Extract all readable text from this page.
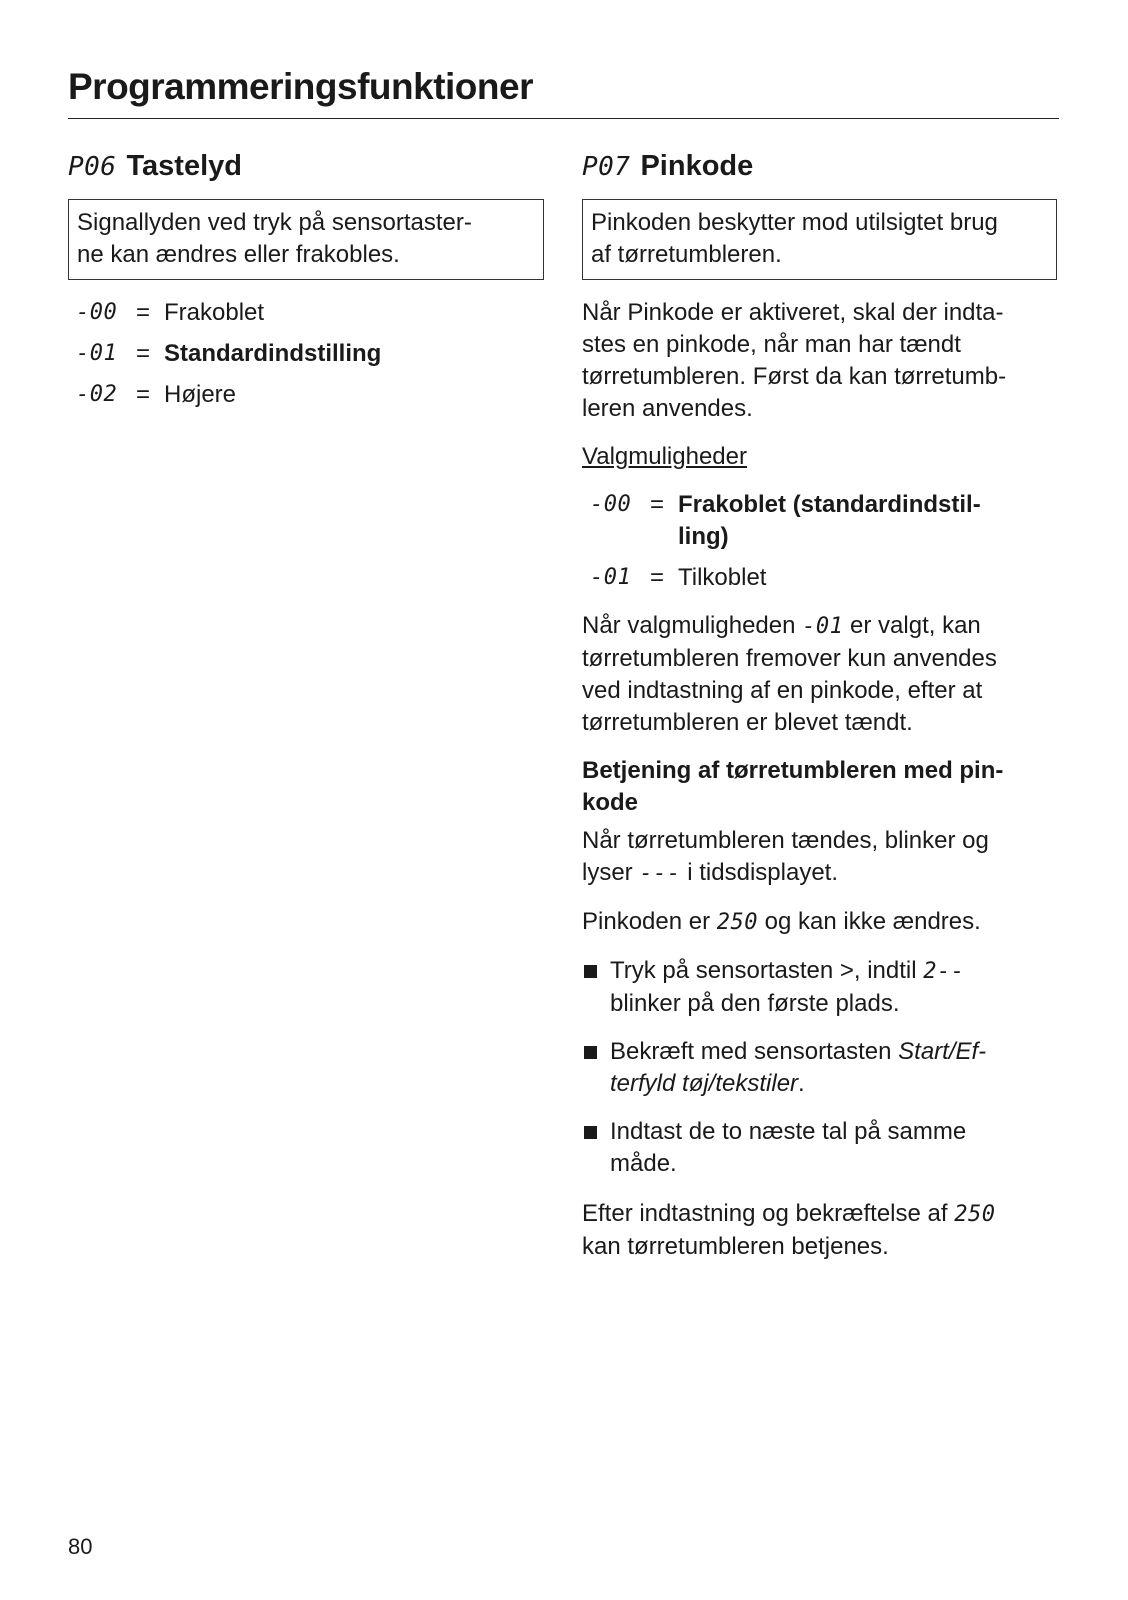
Programmeringsfunktioner
P06 Tastelyd
Signallyden ved tryk på sensortaster-
ne kan ændres eller frakobles.
-00 = Frakoblet
-01 = Standardindstilling
-02 = Højere
P07 Pinkode
Pinkoden beskytter mod utilsigtet brug
af tørretumbleren.
Når Pinkode er aktiveret, skal der indta-
stes en pinkode, når man har tændt
tørretumbleren. Først da kan tørretumb-
leren anvendes.
Valgmuligheder
-00 = Frakoblet (standardindstil-
ling)
-01 = Tilkoblet
Når valgmuligheden -01 er valgt, kan
tørretumbleren fremover kun anvendes
ved indtastning af en pinkode, efter at
tørretumbleren er blevet tændt.
Betjening af tørretumbleren med pin-
kode
Når tørretumbleren tændes, blinker og
lyser --- i tidsdisplayet.
Pinkoden er 250 og kan ikke ændres.
Tryk på sensortasten >, indtil 2--
blinker på den første plads.
Bekræft med sensortasten Start/Ef-
terfyld tøj/tekstiler.
Indtast de to næste tal på samme
måde.
Efter indtastning og bekræftelse af 250
kan tørretumbleren betjenes.
80
